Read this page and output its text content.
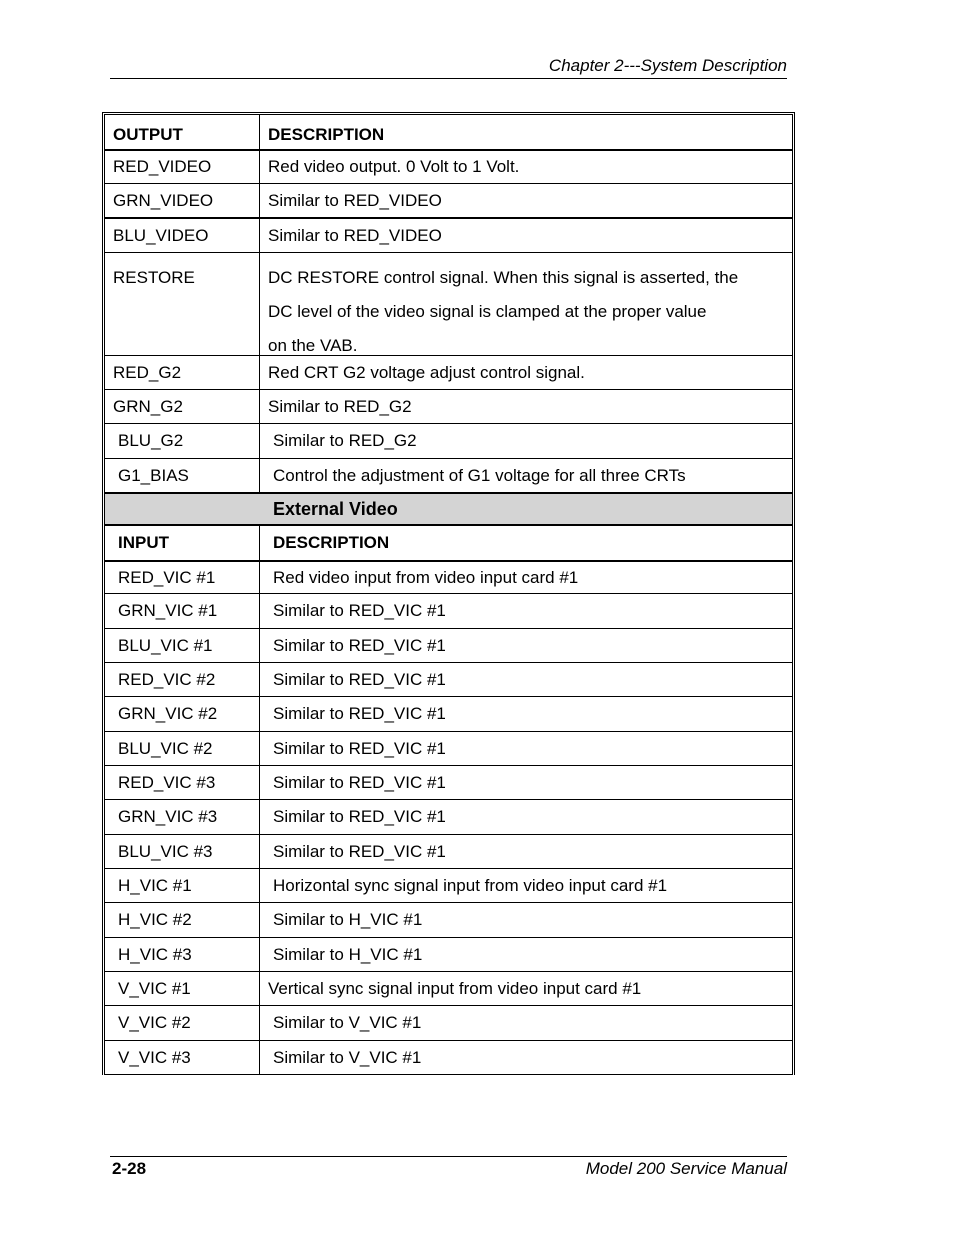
Chapter 2---System Description
OUTPUT	DESCRIPTION
RED_VIDEO	Red video output. 0 Volt to 1 Volt.
GRN_VIDEO	Similar to RED_VIDEO
BLU_VIDEO	Similar to RED_VIDEO
RESTORE	DC RESTORE control signal. When this signal is asserted, the
DC level of the video signal is clamped at the proper value
on the VAB.
RED_G2	Red CRT G2 voltage adjust control signal.
GRN_G2	Similar to RED_G2
BLU_G2	Similar to RED_G2
G1_BIAS	Control the adjustment of G1 voltage for all three CRTs
External Video
INPUT	DESCRIPTION
RED_VIC #1	Red video input from video input card #1
GRN_VIC #1	Similar to RED_VIC #1
BLU_VIC #1	Similar to RED_VIC #1
RED_VIC #2	Similar to RED_VIC #1
GRN_VIC #2	Similar to RED_VIC #1
BLU_VIC #2	Similar to RED_VIC #1
RED_VIC #3	Similar to RED_VIC #1
GRN_VIC #3	Similar to RED_VIC #1
BLU_VIC #3	Similar to RED_VIC #1
H_VIC #1	Horizontal sync signal input from video input card #1
H_VIC #2	Similar to H_VIC #1
H_VIC #3	Similar to H_VIC #1
V_VIC #1	Vertical sync signal input from video input card #1
V_VIC #2	Similar to V_VIC #1
V_VIC #3	Similar to V_VIC #1
2-28	Model 200 Service Manual
